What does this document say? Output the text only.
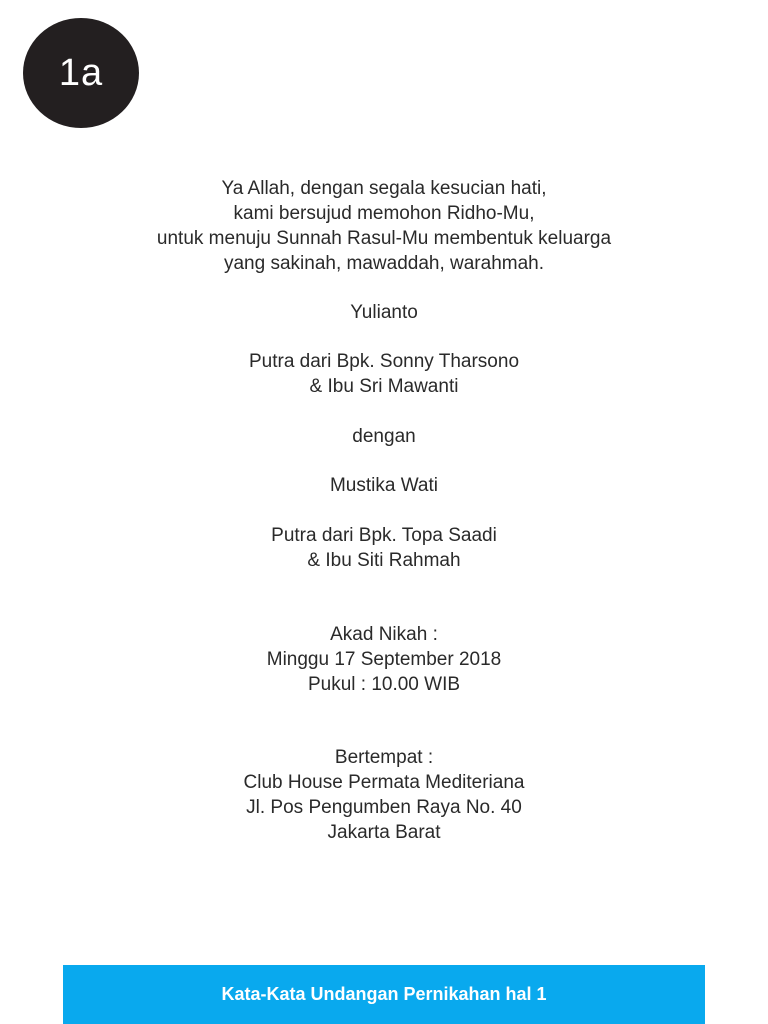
1a
Ya Allah, dengan segala kesucian hati,
kami bersujud memohon Ridho-Mu,
untuk menuju Sunnah Rasul-Mu membentuk keluarga
yang sakinah, mawaddah, warahmah.
Yulianto
Putra dari Bpk. Sonny Tharsono
& Ibu Sri Mawanti
dengan
Mustika Wati
Putra dari Bpk. Topa Saadi
& Ibu Siti Rahmah
Akad Nikah :
Minggu 17 September 2018
Pukul : 10.00 WIB
Bertempat :
Club House Permata Mediteriana
Jl. Pos Pengumben Raya No. 40
Jakarta Barat
Kata-Kata Undangan Pernikahan hal 1
